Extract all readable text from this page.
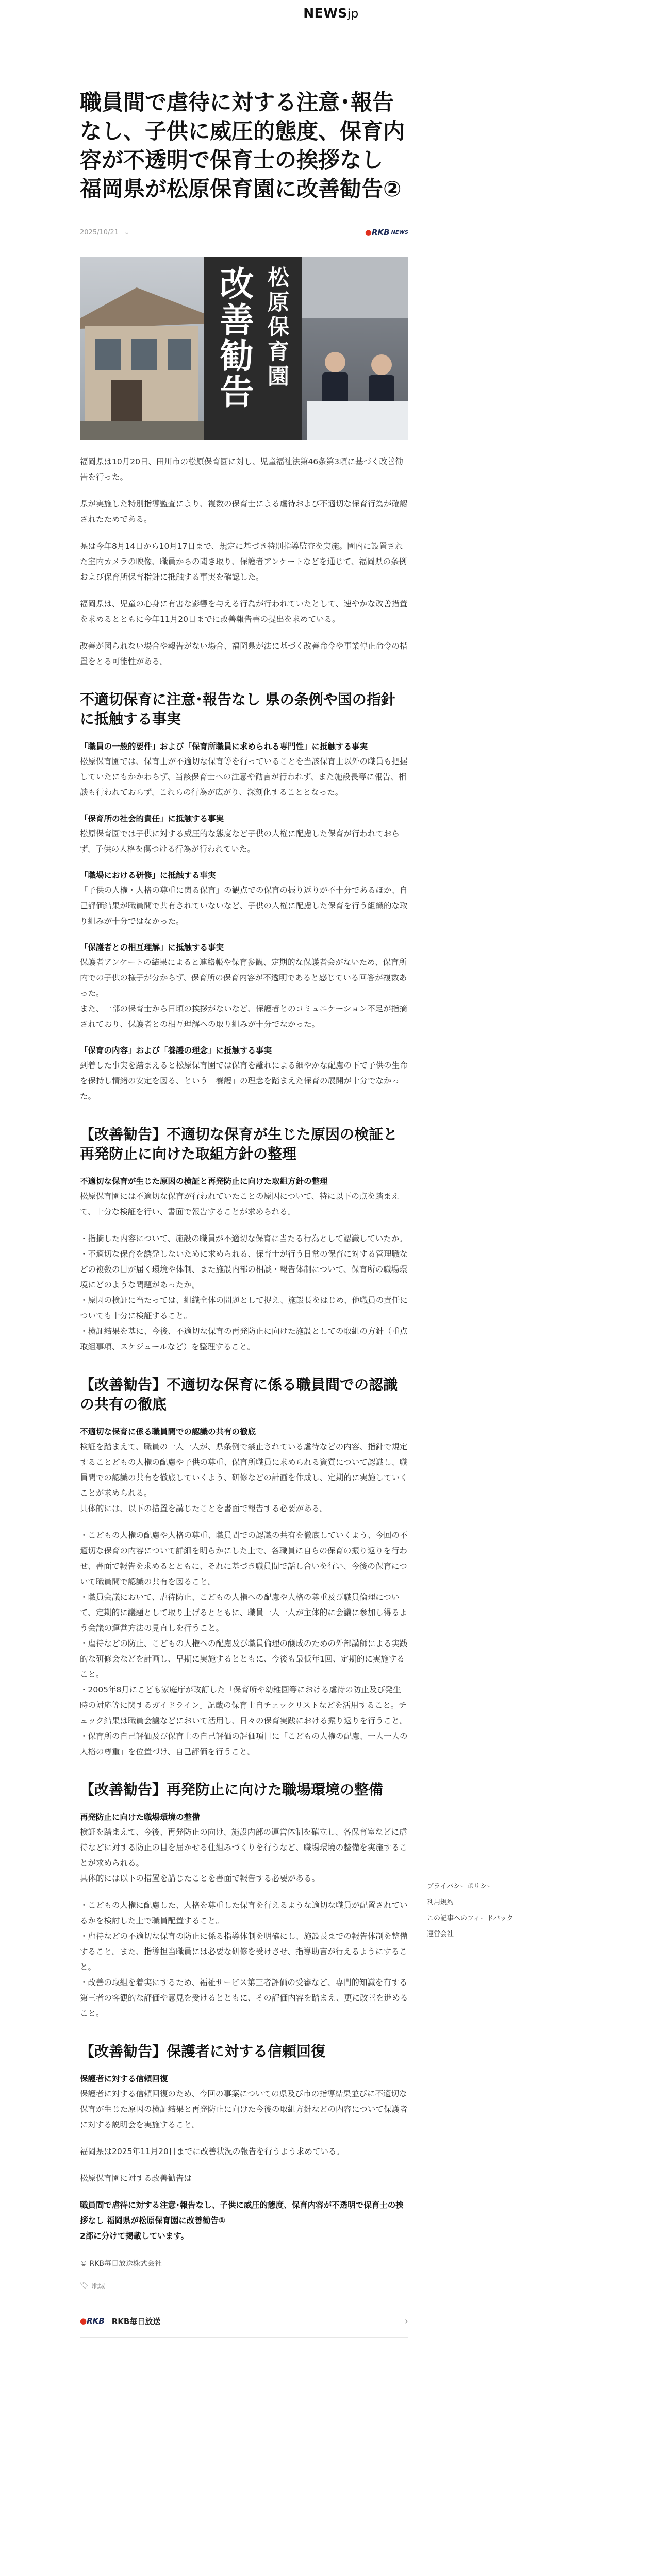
NEWSjp
職員間で虐待に対する注意･報告なし、子供に威圧的態度、保育内容が不透明で保育士の挨拶なし　福岡県が松原保育園に改善勧告②
2025/10/21 ⌄	●RKB NEWS
松原保育園
改善勧告

福岡県は10月20日、田川市の松原保育園に対し、児童福祉法第46条第3項に基づく改善勧告を行った。

県が実施した特別指導監査により、複数の保育士による虐待および不適切な保育行為が確認されたためである。

県は今年8月14日から10月17日まで、規定に基づき特別指導監査を実施。園内に設置された室内カメラの映像、職員からの聞き取り、保護者アンケートなどを通じて、福岡県の条例および保育所保育指針に抵触する事実を確認した。

福岡県は、児童の心身に有害な影響を与える行為が行われていたとして、速やかな改善措置を求めるとともに今年11月20日までに改善報告書の提出を求めている。

改善が図られない場合や報告がない場合、福岡県が法に基づく改善命令や事業停止命令の措置をとる可能性がある。

不適切保育に注意･報告なし 県の条例や国の指針に抵触する事実
「職員の一般的要件」および「保育所職員に求められる専門性」に抵触する事実
松原保育園では、保育士が不適切な保育等を行っていることを当該保育士以外の職員も把握していたにもかかわらず、当該保育士への注意や勧言が行われず、また施設長等に報告、相談も行われておらず、これらの行為が広がり、深刻化することとなった。
「保育所の社会的責任」に抵触する事実
松原保育園では子供に対する威圧的な態度など子供の人権に配慮した保育が行われておらず、子供の人格を傷つける行為が行われていた。
「職場における研修」に抵触する事実
「子供の人権・人格の尊重に関る保育」の観点での保育の振り返りが不十分であるほか、自己評価結果が職員間で共有されていないなど、子供の人権に配慮した保育を行う組織的な取り組みが十分ではなかった。
「保護者との相互理解」に抵触する事実
保護者アンケートの結果によると連絡帳や保育参観、定期的な保護者会がないため、保育所内での子供の様子が分からず、保育所の保育内容が不透明であると感じている回答が複数あった。
また、一部の保育士から日頃の挨拶がないなど、保護者とのコミュニケーション不足が指摘されており、保護者との相互理解への取り組みが十分でなかった。
「保育の内容」および「養護の理念」に抵触する事実
到着した事実を踏まえると松原保育園では保育を離れによる細やかな配慮の下で子供の生命を保持し情緒の安定を図る、という「養護」の理念を踏まえた保育の展開が十分でなかった。
【改善勧告】不適切な保育が生じた原因の検証と再発防止に向けた取組方針の整理
不適切な保育が生じた原因の検証と再発防止に向けた取組方針の整理
松原保育園には不適切な保育が行われていたことの原因について、特に以下の点を踏まえて、十分な検証を行い、書面で報告することが求められる。

・指摘した内容について、施設の職員が不適切な保育に当たる行為として認識していたか。
・不適切な保育を誘発しないために求められる、保育士が行う日常の保育に対する管理職などの複数の目が届く環境や体制、また施設内部の相談・報告体制について、保育所の職場環境にどのような問題があったか。
・原因の検証に当たっては、組織全体の問題として捉え、施設長をはじめ、他職員の責任についても十分に検証すること。
・検証結果を基に、今後、不適切な保育の再発防止に向けた施設としての取組の方針（重点取組事項、スケジュールなど）を整理すること。

【改善勧告】不適切な保育に係る職員間での認識の共有の徹底
不適切な保育に係る職員間での認識の共有の徹底
検証を踏まえて、職員の一人一人が、県条例で禁止されている虐待などの内容、指針で規定することどもの人権の配慮や子供の尊重、保育所職員に求められる資質について認識し、職員間での認識の共有を徹底していくよう、研修などの計画を作成し、定期的に実施していくことが求められる。
具体的には、以下の措置を講じたことを書面で報告する必要がある。

・こどもの人権の配慮や人格の尊重、職員間での認識の共有を徹底していくよう、今回の不適切な保育の内容について詳細を明らかにした上で、各職員に自らの保育の振り返りを行わせ、書面で報告を求めるとともに、それに基づき職員間で話し合いを行い、今後の保育について職員間で認識の共有を図ること。
・職員会議において、虐待防止、こどもの人権への配慮や人格の尊重及び職員倫理について、定期的に議題として取り上げるとともに、職員一人一人が主体的に会議に参加し得るよう会議の運営方法の見直しを行うこと。
・虐待などの防止、こどもの人権への配慮及び職員倫理の醸成のための外部講師による実践的な研修会などを計画し、早期に実施するとともに、今後も最低年1回、定期的に実施すること。
・2005年8月にこども家庭庁が改訂した「保育所や幼稚園等における虐待の防止及び発生時の対応等に関するガイドライン」記載の保育士自チェックリストなどを活用すること。チェック結果は職員会議などにおいて活用し、日々の保育実践における振り返りを行うこと。
・保育所の自己評価及び保育士の自己評価の評価項目に「こどもの人権の配慮、一人一人の人格の尊重」を位置づけ、自己評価を行うこと。

【改善勧告】再発防止に向けた職場環境の整備
再発防止に向けた職場環境の整備
検証を踏まえて、今後、再発防止の向け、施設内部の運営体制を確立し、各保育室などに虐待などに対する防止の目を届かせる仕組みづくりを行うなど、職場環境の整備を実施することが求められる。
具体的には以下の措置を講じたことを書面で報告する必要がある。

・こどもの人権に配慮した、人格を尊重した保育を行えるような適切な職員が配置されているかを検討した上で職員配置すること。
・虐待などの不適切な保育の防止に係る指導体制を明確にし、施設長までの報告体制を整備すること。また、指導担当職員には必要な研修を受けさせ、指導助言が行えるようにすること。
・改善の取組を着実にするため、福祉サービス第三者評価の受審など、専門的知識を有する第三者の客観的な評価や意見を受けるとともに、その評価内容を踏まえ、更に改善を進めること。

【改善勧告】保護者に対する信頼回復
保護者に対する信頼回復
保護者に対する信頼回復のため、今回の事案についての県及び市の指導結果並びに不適切な保育が生じた原因の検証結果と再発防止に向けた今後の取組方針などの内容について保護者に対する説明会を実施すること。

福岡県は2025年11月20日までに改善状況の報告を行うよう求めている。

松原保育園に対する改善勧告は

職員間で虐待に対する注意･報告なし、子供に威圧的態度、保育内容が不透明で保育士の挨拶なし 福岡県が松原保育園に改善勧告①
2部に分けて掲載しています。

© RKB毎日放送株式会社
🏷 地域
●RKB RKB毎日放送	›
プライバシーポリシー
利用規約
この記事へのフィードバック
運営会社
